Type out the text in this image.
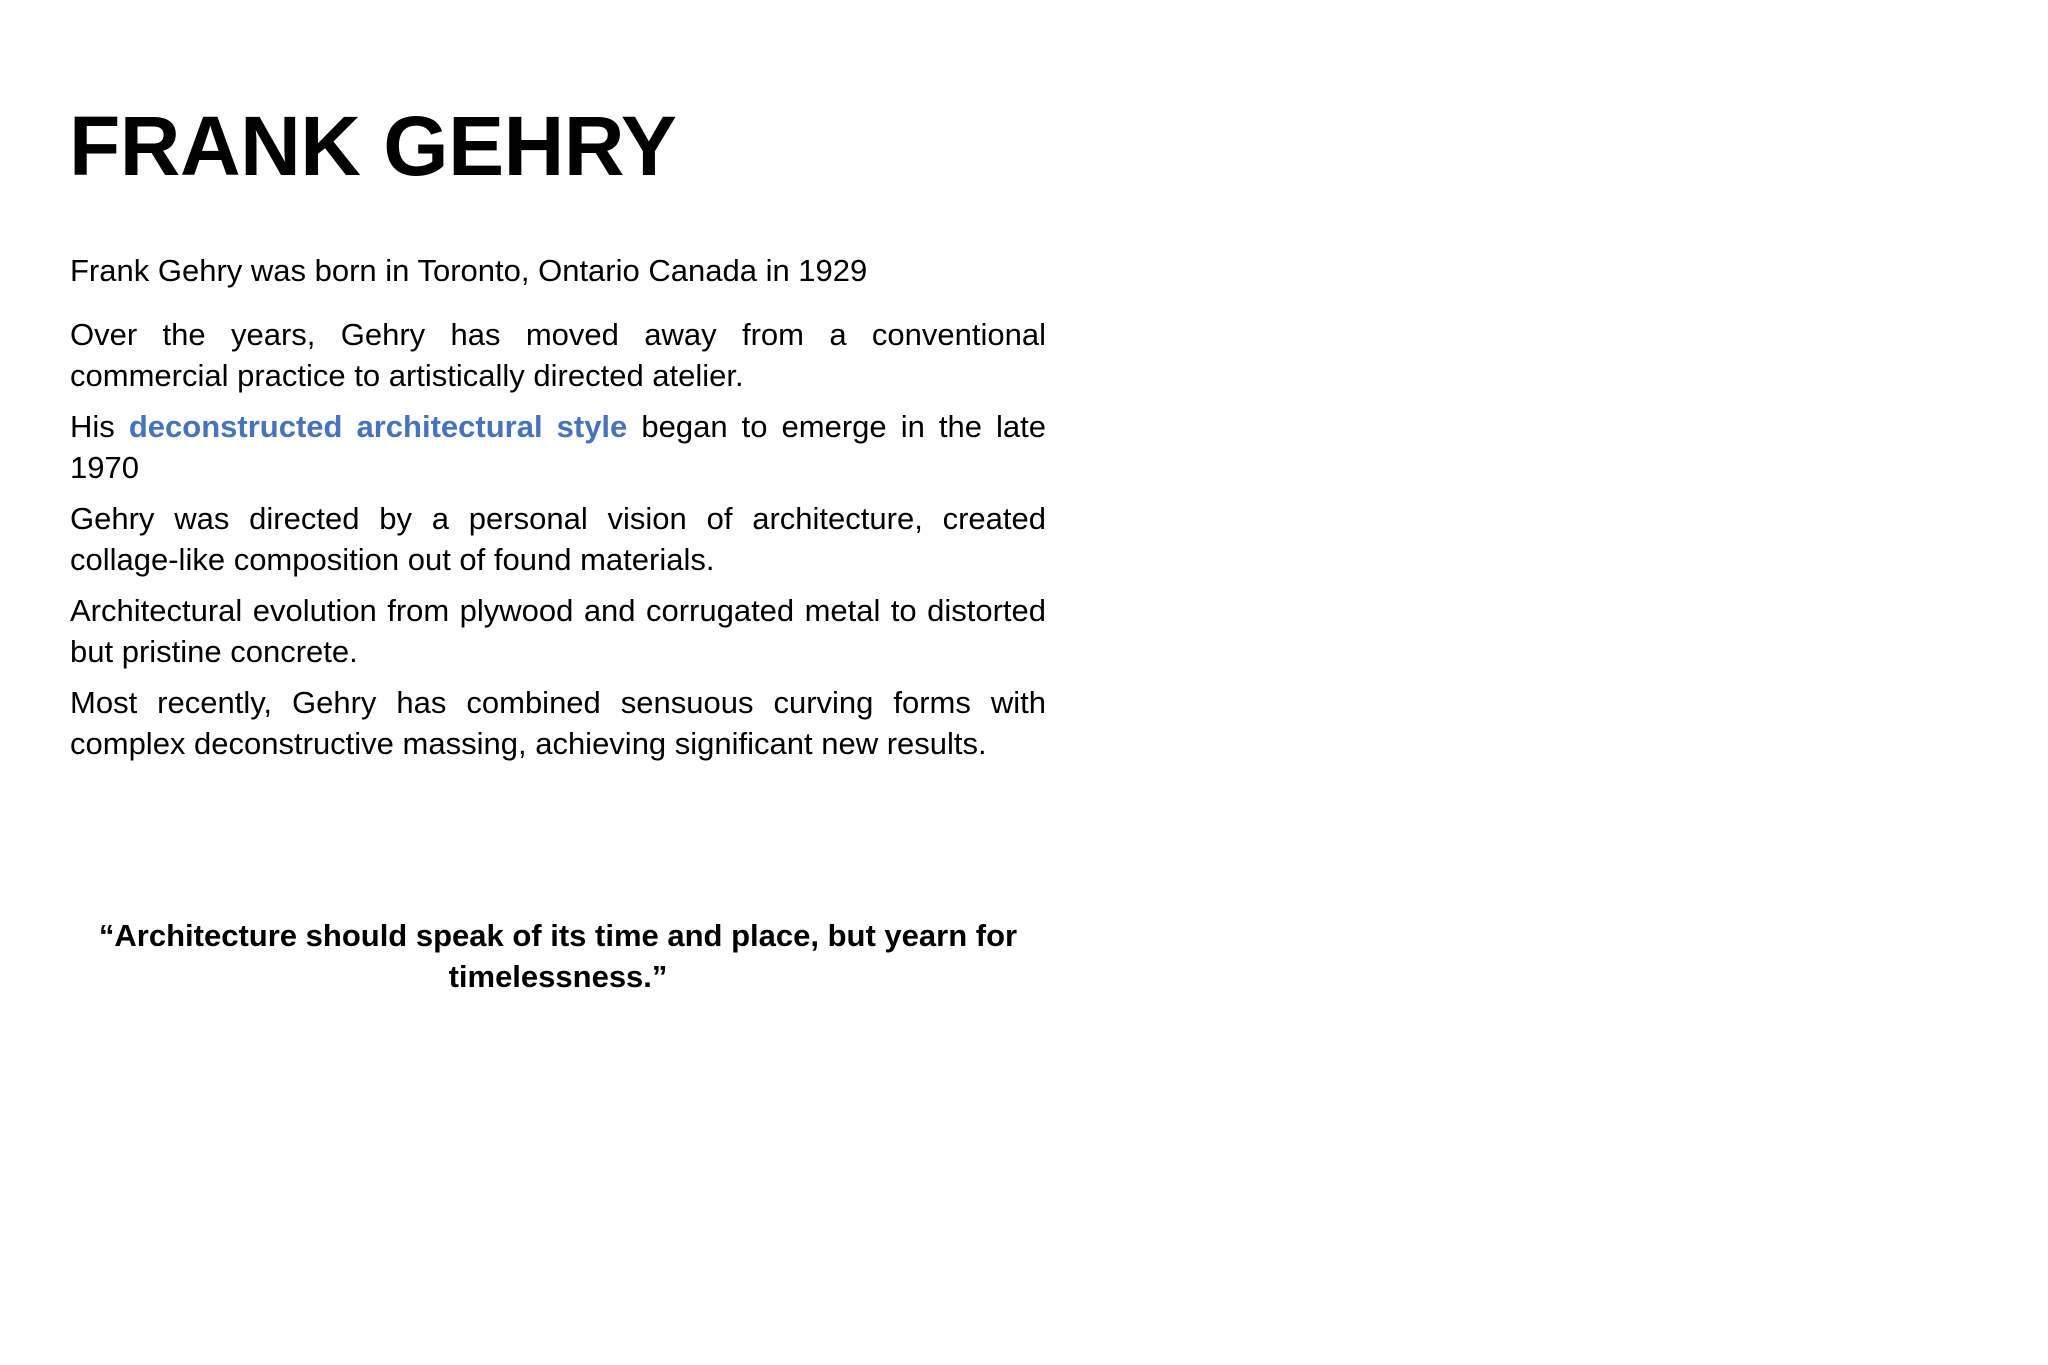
FRANK GEHRY

Frank Gehry was born in Toronto, Ontario Canada in 1929

Over the years, Gehry has moved away from a conventional commercial practice to artistically directed atelier.

His deconstructed architectural style began to emerge in the late 1970

Gehry was directed by a personal vision of architecture, created collage-like composition out of found materials.

Architectural evolution from plywood and corrugated metal to distorted but pristine concrete.

Most recently, Gehry has combined sensuous curving forms with complex deconstructive massing, achieving significant new results.

“Architecture should speak of its time and place, but yearn for timelessness.”
